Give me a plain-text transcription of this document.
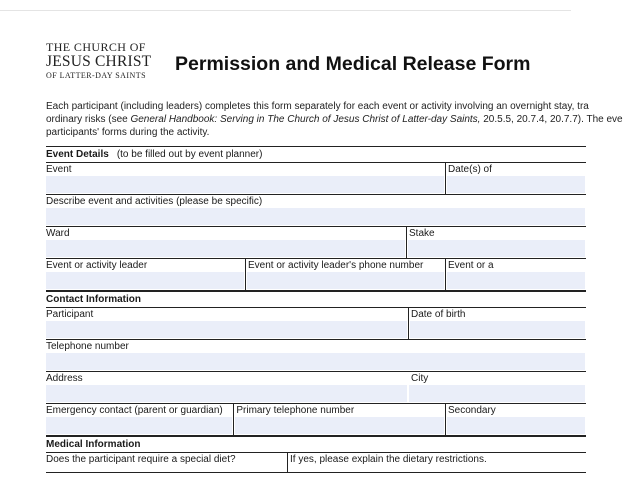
THE CHURCH OF
JESUS CHRIST
OF LATTER-DAY SAINTS
Permission and Medical Release Form

Each participant (including leaders) completes this form separately for each event or activity involving an overnight stay, tra

ordinary risks (see General Handbook: Serving in The Church of Jesus Christ of Latter-day Saints, 20.5.5, 20.7.4, 20.7.7). The eve

participants' forms during the activity.

Event Details (to be filled out by event planner)
Event	Date(s) of
Describe event and activities (please be specific)
Ward	Stake
Event or activity leader	Event or activity leader's phone number	Event or a
Contact Information
Participant	Date of birth
Telephone number
Address	City
Emergency contact (parent or guardian)	Primary telephone number	Secondary
Medical Information
Does the participant require a special diet?	If yes, please explain the dietary restrictions.
